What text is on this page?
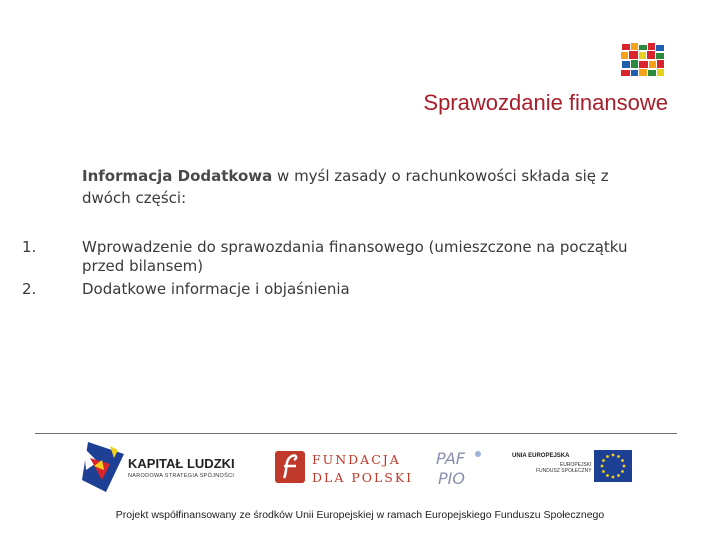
Sprawozdanie finansowe
Informacja Dodatkowa w myśl zasady o rachunkowości składa się z dwóch części:
1.	Wprowadzenie do sprawozdania finansowego (umieszczone na początku przed bilansem)
2.	Dodatkowe informacje i objaśnienia
KAPITAŁ LUDZKI
NARODOWA STRATEGIA SPÓJNOŚCI
FUNDACJA
DLA POLSKI
PAF
PIO
UNIA EUROPEJSKA
EUROPEJSKI
FUNDUSZ SPOŁECZNY
Projekt współfinansowany ze środków Unii Europejskiej w ramach Europejskiego Funduszu Społecznego
